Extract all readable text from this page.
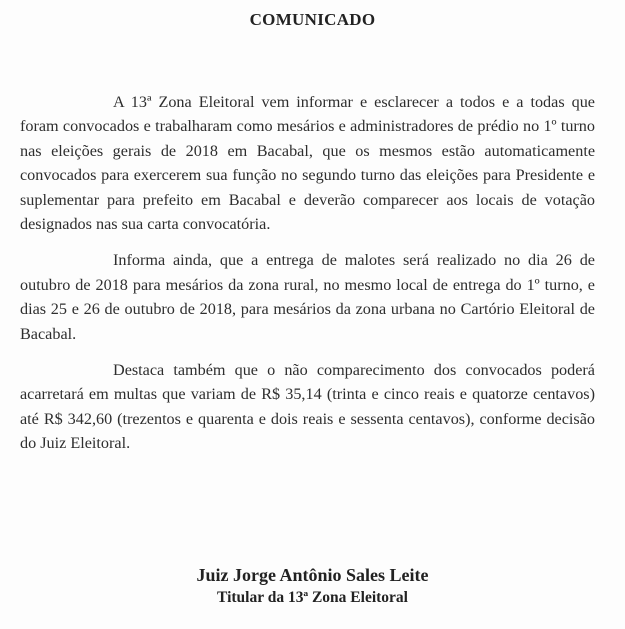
COMUNICADO

A 13ª Zona Eleitoral vem informar e esclarecer a todos e a todas que foram convocados e trabalharam como mesários e administradores de prédio no 1º turno nas eleições gerais de 2018 em Bacabal, que os mesmos estão automaticamente convocados para exercerem sua função no segundo turno das eleições para Presidente e suplementar para prefeito em Bacabal e deverão comparecer aos locais de votação designados nas sua carta convocatória.

Informa ainda, que a entrega de malotes será realizado no dia 26 de outubro de 2018 para mesários da zona rural, no mesmo local de entrega do 1º turno, e dias 25 e 26 de outubro de 2018, para mesários da zona urbana no Cartório Eleitoral de Bacabal.

Destaca também que o não comparecimento dos convocados poderá acarretará em multas que variam de R$ 35,14 (trinta e cinco reais e quatorze centavos) até R$ 342,60 (trezentos e quarenta e dois reais e sessenta centavos), conforme decisão do Juiz Eleitoral.

Juiz Jorge Antônio Sales Leite
Titular da 13ª Zona Eleitoral
